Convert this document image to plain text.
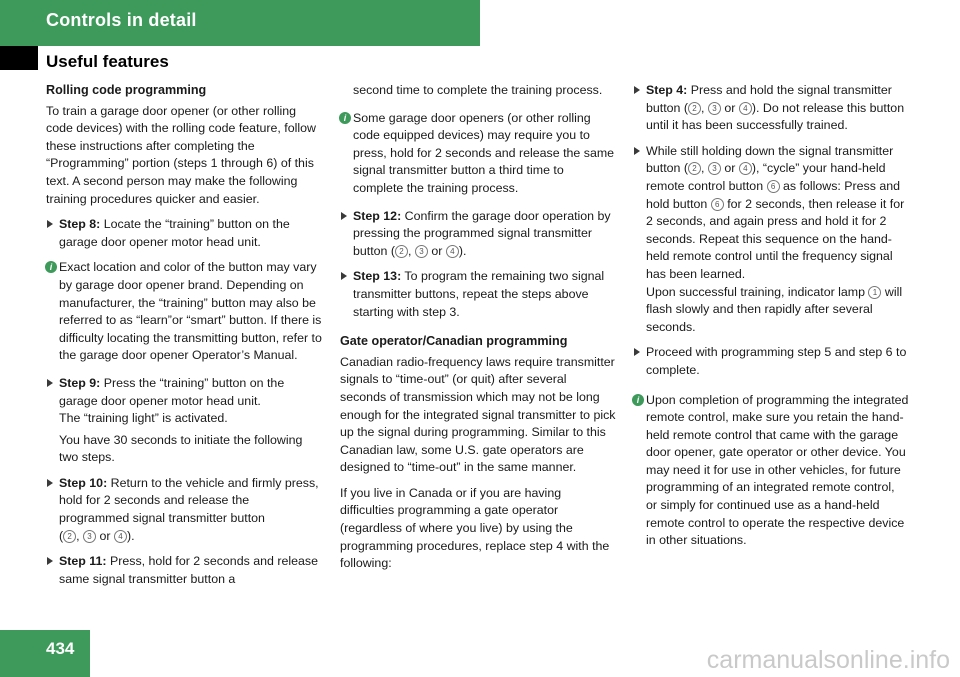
Controls in detail
Useful features
Rolling code programming

To train a garage door opener (or other rolling code devices) with the rolling code feature, follow these instructions after completing the “Programming” portion (steps 1 through 6) of this text. A second person may make the following training procedures quicker and easier.

Step 8: Locate the “training” button on the garage door opener motor head unit.
i Exact location and color of the button may vary by garage door opener brand. Depending on manufacturer, the “training” button may also be referred to as “learn”or “smart” button. If there is difficulty locating the transmitting button, refer to the garage door opener Operator’s Manual.
Step 9: Press the “training” button on the garage door opener motor head unit.
The “training light” is activated.
You have 30 seconds to initiate the following two steps.
Step 10: Return to the vehicle and firmly press, hold for 2 seconds and release the programmed signal transmitter button
( 2 , 3 or 4 ).
Step 11: Press, hold for 2 seconds and release same signal transmitter button a
second time to complete the training process.
i Some garage door openers (or other rolling code equipped devices) may require you to press, hold for 2 seconds and release the same signal transmitter button a third time to complete the training process.
Step 12: Confirm the garage door operation by pressing the programmed signal transmitter button ( 2 , 3 or 4 ).
Step 13: To program the remaining two signal transmitter buttons, repeat the steps above starting with step 3.
Gate operator/Canadian programming

Canadian radio-frequency laws require transmitter signals to “time-out” (or quit) after several seconds of transmission which may not be long enough for the integrated signal transmitter to pick up the signal during programming. Similar to this Canadian law, some U.S. gate operators are designed to “time-out” in the same manner.

If you live in Canada or if you are having difficulties programming a gate operator (regardless of where you live) by using the programming procedures, replace step 4 with the following:

Step 4: Press and hold the signal transmitter button ( 2 , 3 or 4 ). Do not release this button until it has been successfully trained.
While still holding down the signal transmitter button ( 2 , 3 or 4 ), “cycle” your hand-held remote control button 6 as follows: Press and hold button 6 for 2 seconds, then release it for 2 seconds, and again press and hold it for 2 seconds. Repeat this sequence on the hand-held remote control until the frequency signal has been learned.
Upon successful training, indicator lamp 1 will flash slowly and then rapidly after several seconds.
Proceed with programming step 5 and step 6 to complete.
i Upon completion of programming the integrated remote control, make sure you retain the hand-held remote control that came with the garage door opener, gate operator or other device. You may need it for use in other vehicles, for future programming of an integrated remote control, or simply for continued use as a hand-held remote control to operate the respective device in other situations.
434	carmanualsonline.info
